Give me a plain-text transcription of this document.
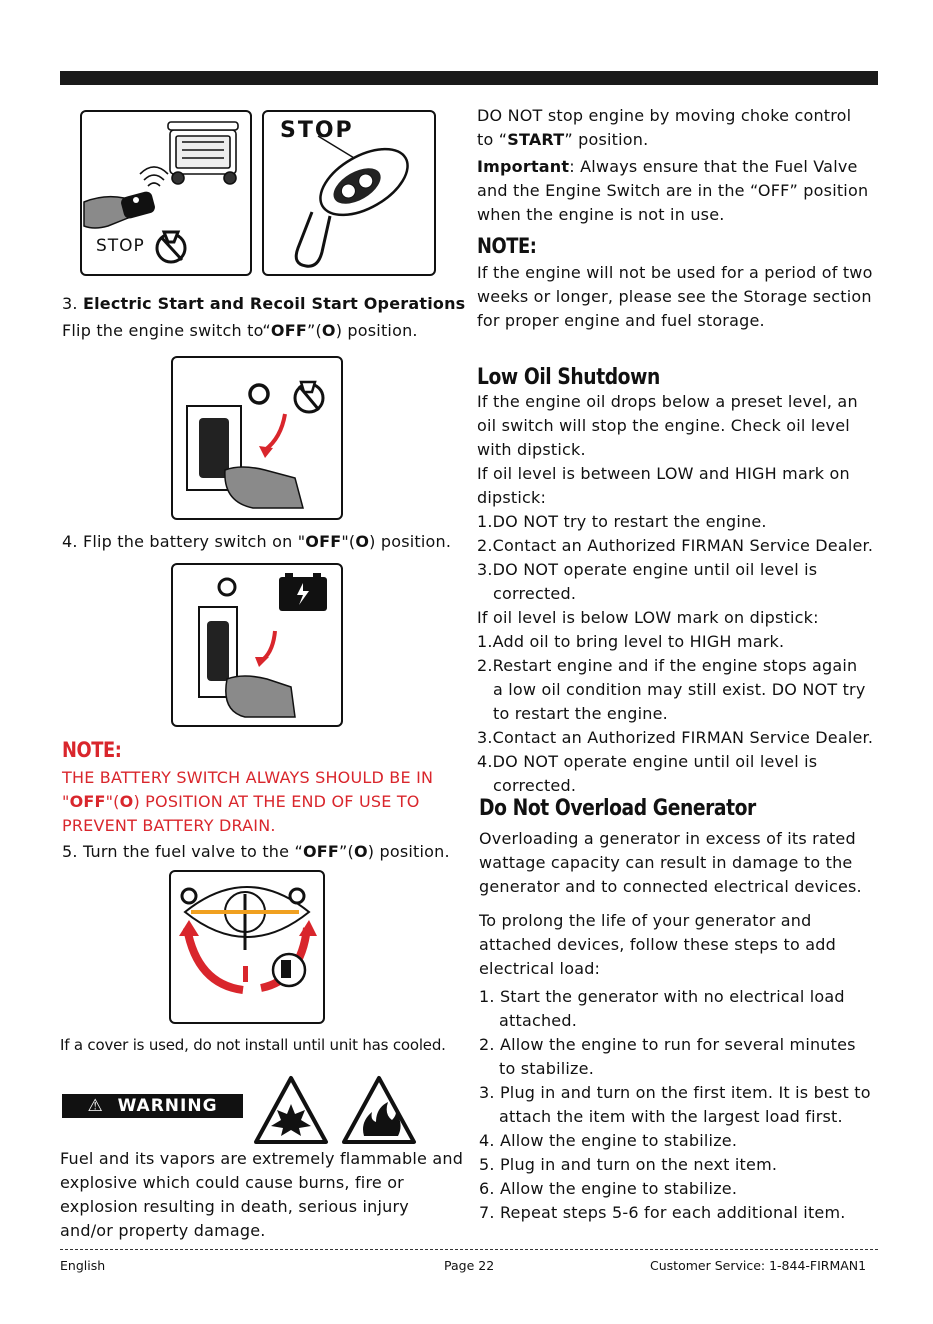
STOP
STOP
3. Electric Start and Recoil Start Operations
Flip the engine switch to“OFF”(O) position.
4. Flip the battery switch on "OFF"(O) position.
NOTE:
THE BATTERY SWITCH ALWAYS SHOULD BE IN
"OFF"(O) POSITION AT THE END OF USE TO
PREVENT BATTERY DRAIN.
5. Turn the fuel valve to the “OFF”(O) position.
If a cover is used, do not install until unit has cooled.
⚠ WARNING
Fuel and its vapors are extremely flammable and
explosive which could cause burns, fire or
explosion resulting in death, serious injury
and/or property damage.
DO NOT stop engine by moving choke control
to “START” position.
Important: Always ensure that the Fuel Valve
and the Engine Switch are in the “OFF” position
when the engine is not in use.
NOTE:
If the engine will not be used for a period of two
weeks or longer, please see the Storage section
for proper engine and fuel storage.
Low Oil Shutdown
If the engine oil drops below a preset level, an
oil switch will stop the engine. Check oil level
with dipstick.
If oil level is between LOW and HIGH mark on
dipstick:
1.DO NOT try to restart the engine.
2.Contact an Authorized FIRMAN Service Dealer.
3.DO NOT operate engine until oil level is
corrected.
If oil level is below LOW mark on dipstick:
1.Add oil to bring level to HIGH mark.
2.Restart engine and if the engine stops again
a low oil condition may still exist. DO NOT try
to restart the engine.
3.Contact an Authorized FIRMAN Service Dealer.
4.DO NOT operate engine until oil level is
corrected.
Do Not Overload Generator
Overloading a generator in excess of its rated
wattage capacity can result in damage to the
generator and to connected electrical devices.
To prolong the life of your generator and
attached devices, follow these steps to add
electrical load:
1. Start the generator with no electrical load
attached.
2. Allow the engine to run for several minutes
to stabilize.
3. Plug in and turn on the first item. It is best to
attach the item with the largest load first.
4. Allow the engine to stabilize.
5. Plug in and turn on the next item.
6. Allow the engine to stabilize.
7. Repeat steps 5-6 for each additional item.
English	Page 22	Customer Service: 1-844-FIRMAN1
